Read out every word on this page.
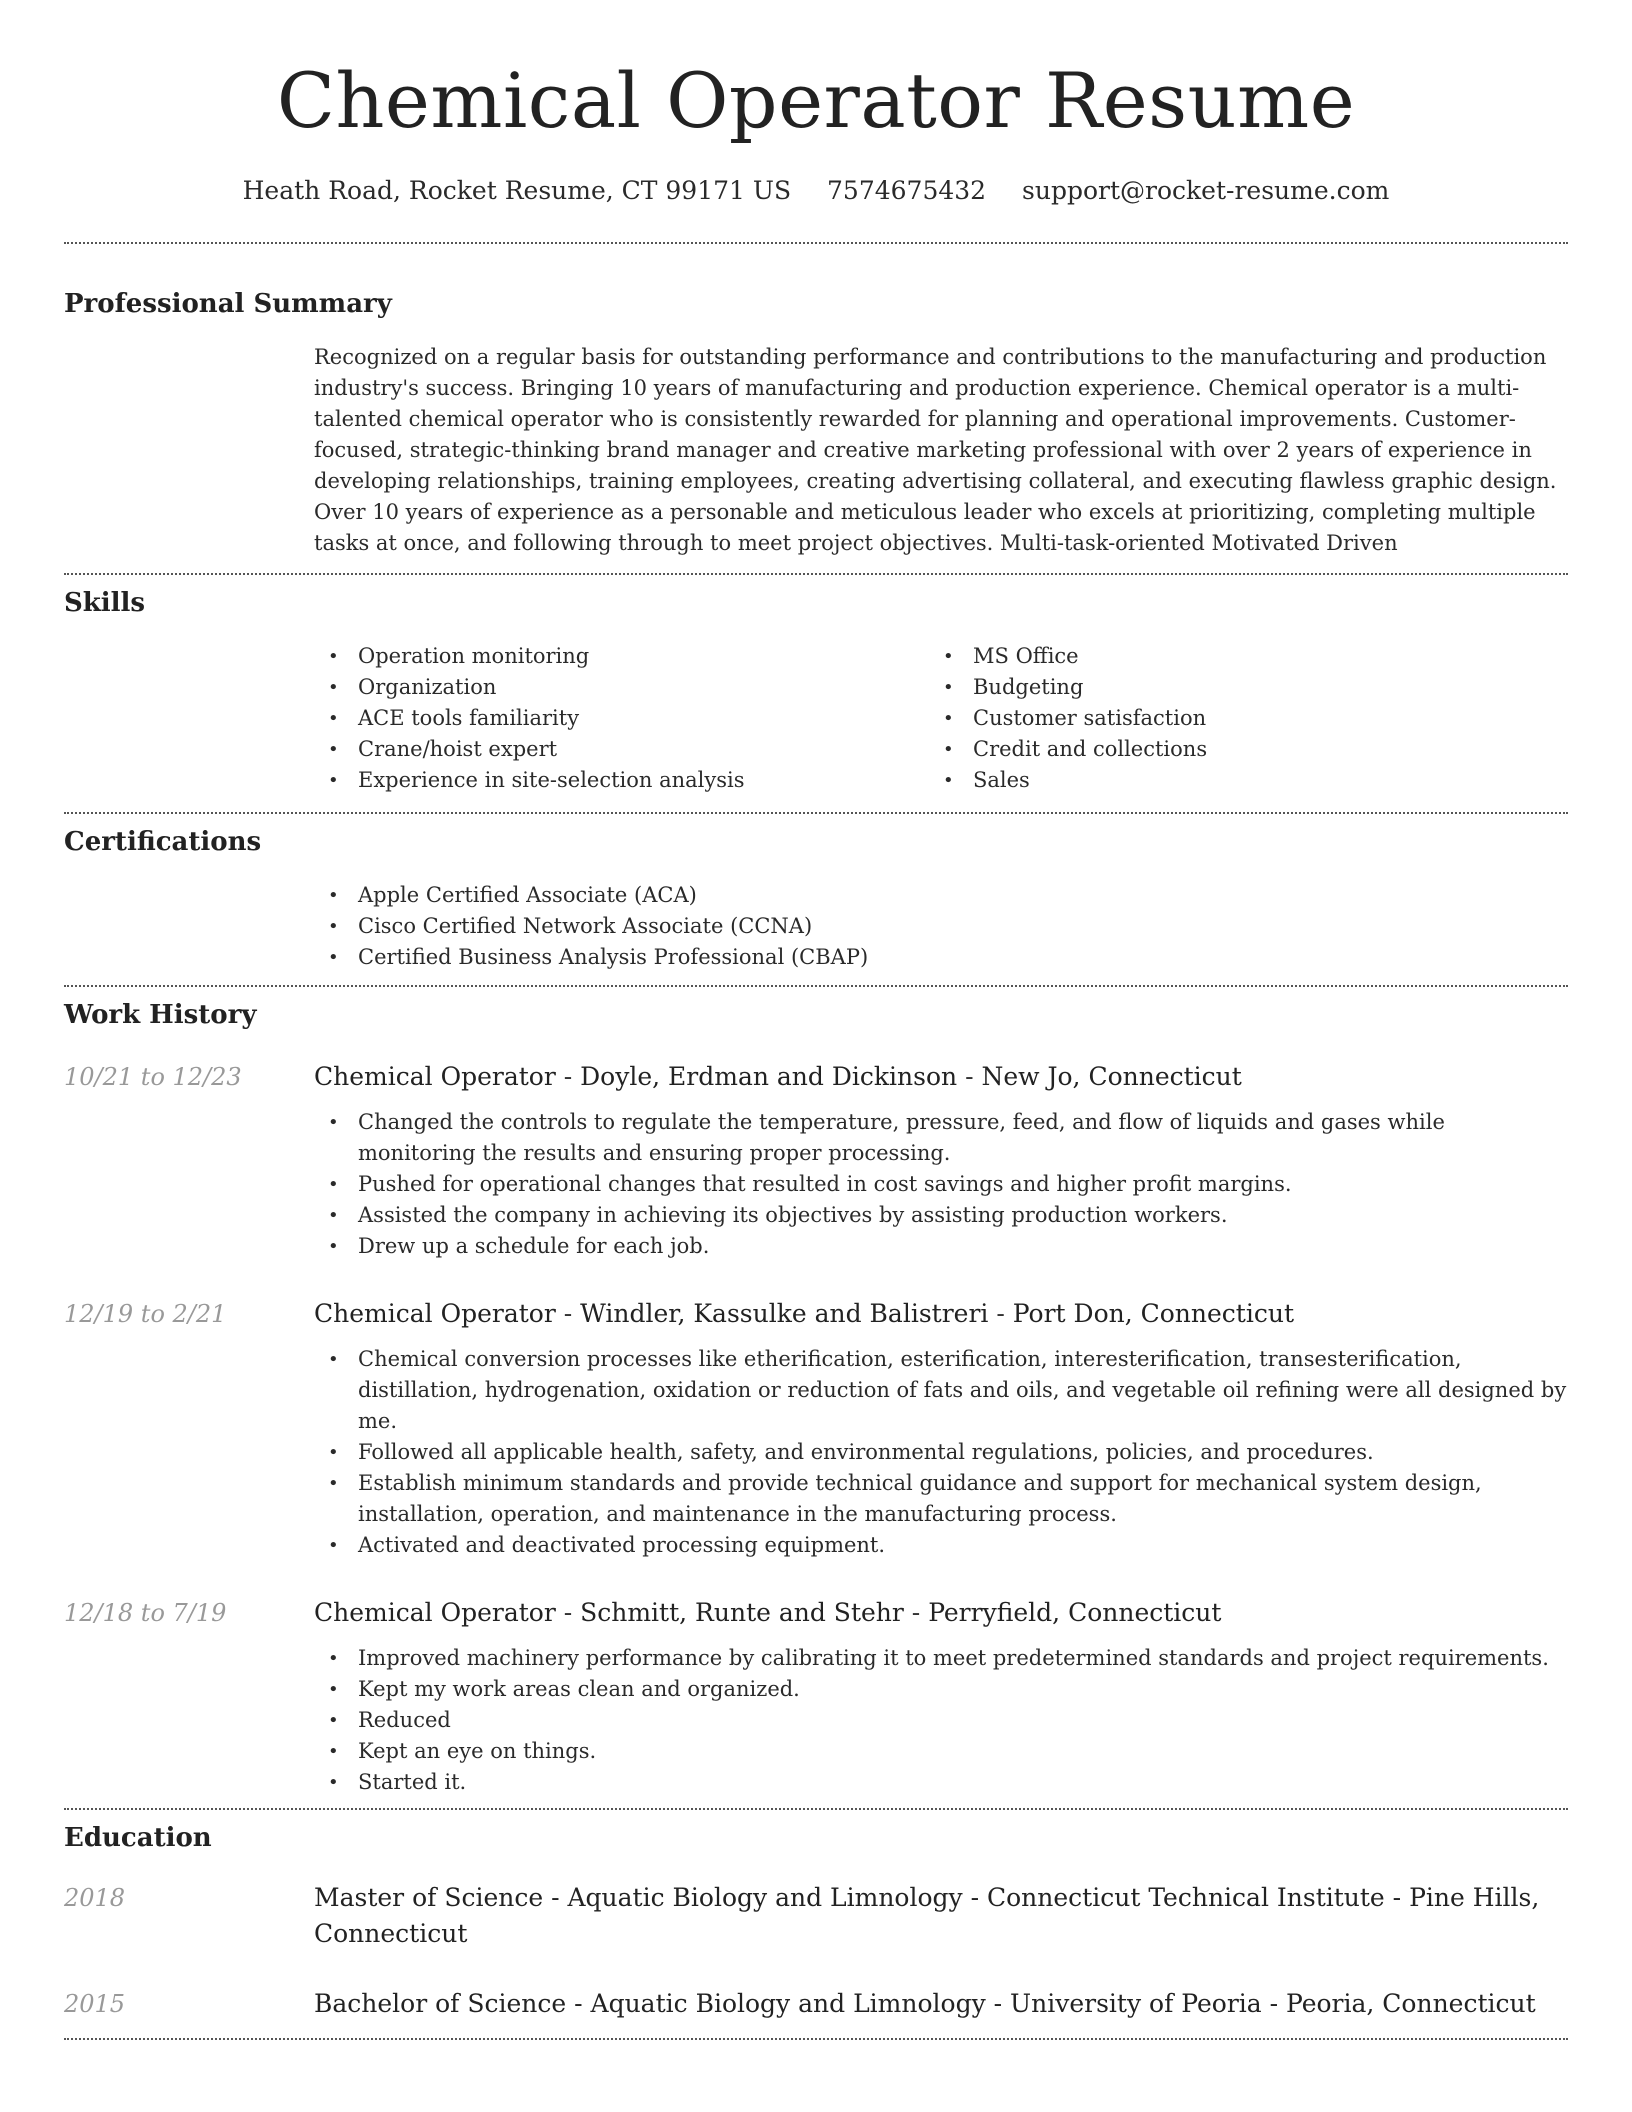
Chemical Operator Resume
Heath Road, Rocket Resume, CT 99171 US 7574675432 support@rocket-resume.com
Professional Summary

Recognized on a regular basis for outstanding performance and contributions to the manufacturing and production industry's success. Bringing 10 years of manufacturing and production experience. Chemical operator is a multi-talented chemical operator who is consistently rewarded for planning and operational improvements. Customer-focused, strategic-thinking brand manager and creative marketing professional with over 2 years of experience in developing relationships, training employees, creating advertising collateral, and executing flawless graphic design. Over 10 years of experience as a personable and meticulous leader who excels at prioritizing, completing multiple tasks at once, and following through to meet project objectives. Multi-task-oriented Motivated Driven

Skills
• Operation monitoring
• Organization
• ACE tools familiarity
• Crane/hoist expert
• Experience in site-selection analysis
• MS Office
• Budgeting
• Customer satisfaction
• Credit and collections
• Sales
Certifications
• Apple Certified Associate (ACA)
• Cisco Certified Network Associate (CCNA)
• Certified Business Analysis Professional (CBAP)
Work History
10/21 to 12/23	Chemical Operator - Doyle, Erdman and Dickinson - New Jo, Connecticut
• Changed the controls to regulate the temperature, pressure, feed, and flow of liquids and gases while monitoring the results and ensuring proper processing.
• Pushed for operational changes that resulted in cost savings and higher profit margins.
• Assisted the company in achieving its objectives by assisting production workers.
• Drew up a schedule for each job.
12/19 to 2/21	Chemical Operator - Windler, Kassulke and Balistreri - Port Don, Connecticut
• Chemical conversion processes like etherification, esterification, interesterification, transesterification, distillation, hydrogenation, oxidation or reduction of fats and oils, and vegetable oil refining were all designed by me.
• Followed all applicable health, safety, and environmental regulations, policies, and procedures.
• Establish minimum standards and provide technical guidance and support for mechanical system design, installation, operation, and maintenance in the manufacturing process.
• Activated and deactivated processing equipment.
12/18 to 7/19	Chemical Operator - Schmitt, Runte and Stehr - Perryfield, Connecticut
• Improved machinery performance by calibrating it to meet predetermined standards and project requirements.
• Kept my work areas clean and organized.
• Reduced
• Kept an eye on things.
• Started it.
Education
2018	Master of Science - Aquatic Biology and Limnology - Connecticut Technical Institute - Pine Hills, Connecticut
2015	Bachelor of Science - Aquatic Biology and Limnology - University of Peoria - Peoria, Connecticut
